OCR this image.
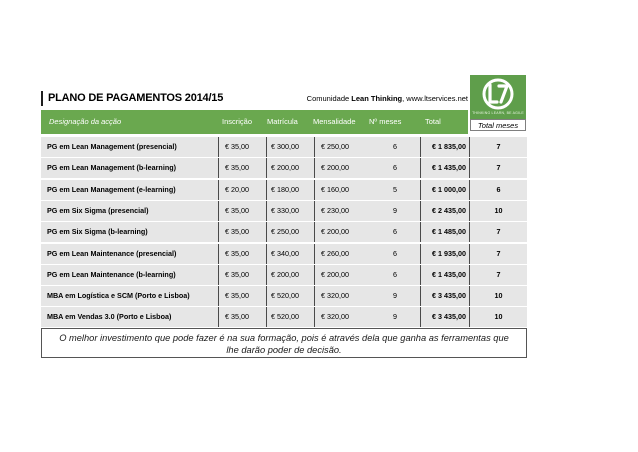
PLANO DE PAGAMENTOS 2014/15	Comunidade Lean Thinking, www.ltservices.net
THINKING LEARN, BE AGILE
Designação da acção	Inscrição Matrícula Mensalidade Nº meses	Total	Total meses
PG em Lean Management (presencial)	€ 35,00	€ 300,00	€ 250,00	6	€ 1 835,00	7
PG em Lean Management (b-learning)	€ 35,00	€ 200,00	€ 200,00	6	€ 1 435,00	7
PG em Lean Management (e-learning)	€ 20,00	€ 180,00	€ 160,00	5	€ 1 000,00	6
PG em Six Sigma (presencial)	€ 35,00	€ 330,00	€ 230,00	9	€ 2 435,00	10
PG em Six Sigma (b-learning)	€ 35,00	€ 250,00	€ 200,00	6	€ 1 485,00	7
PG em Lean Maintenance (presencial)	€ 35,00	€ 340,00	€ 260,00	6	€ 1 935,00	7
PG em Lean Maintenance (b-learning)	€ 35,00	€ 200,00	€ 200,00	6	€ 1 435,00	7
MBA em Logística e SCM (Porto e Lisboa)	€ 35,00	€ 520,00	€ 320,00	9	€ 3 435,00	10
MBA em Vendas 3.0 (Porto e Lisboa)	€ 35,00	€ 520,00	€ 320,00	9	€ 3 435,00	10
O melhor investimento que pode fazer é na sua formação, pois é através dela que ganha as ferramentas que lhe darão poder de decisão.
